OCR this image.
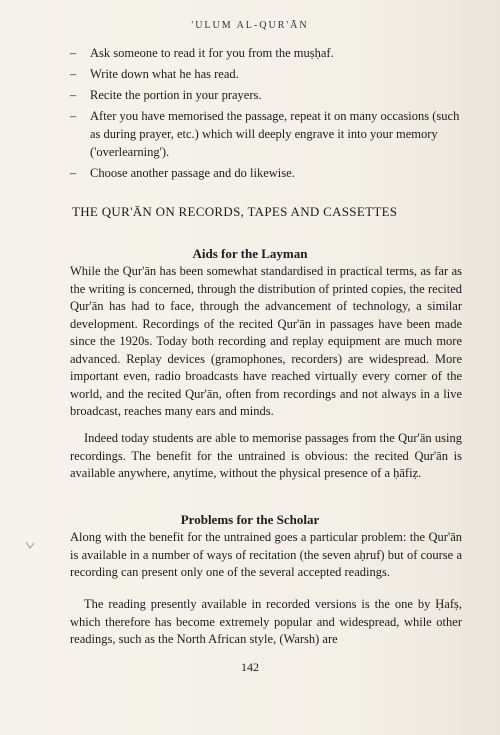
'ULUM AL-QUR'ĀN
– Ask someone to read it for you from the muṣḥaf.
– Write down what he has read.
– Recite the portion in your prayers.
– After you have memorised the passage, repeat it on many occasions (such as during prayer, etc.) which will deeply engrave it into your memory ('overlearning').
– Choose another passage and do likewise.
THE QUR'ĀN ON RECORDS, TAPES AND CASSETTES
Aids for the Layman

While the Qur'ān has been somewhat standardised in practical terms, as far as the writing is concerned, through the distribution of printed copies, the recited Qur'ān has had to face, through the advancement of technology, a similar development. Recordings of the recited Qur'ān in passages have been made since the 1920s. Today both recording and replay equipment are much more advanced. Replay devices (gramophones, recorders) are widespread. More important even, radio broadcasts have reached virtually every corner of the world, and the recited Qur'ān, often from recordings and not always in a live broadcast, reaches many ears and minds.

Indeed today students are able to memorise passages from the Qur'ān using recordings. The benefit for the untrained is obvious: the recited Qur'ān is available anywhere, anytime, without the physical presence of a ḥāfiẓ.

Problems for the Scholar

Along with the benefit for the untrained goes a particular problem: the Qur'ān is available in a number of ways of recitation (the seven aḥruf) but of course a recording can present only one of the several accepted readings.

The reading presently available in recorded versions is the one by Ḥafṣ, which therefore has become extremely popular and widespread, while other readings, such as the North African style, (Warsh) are

142
